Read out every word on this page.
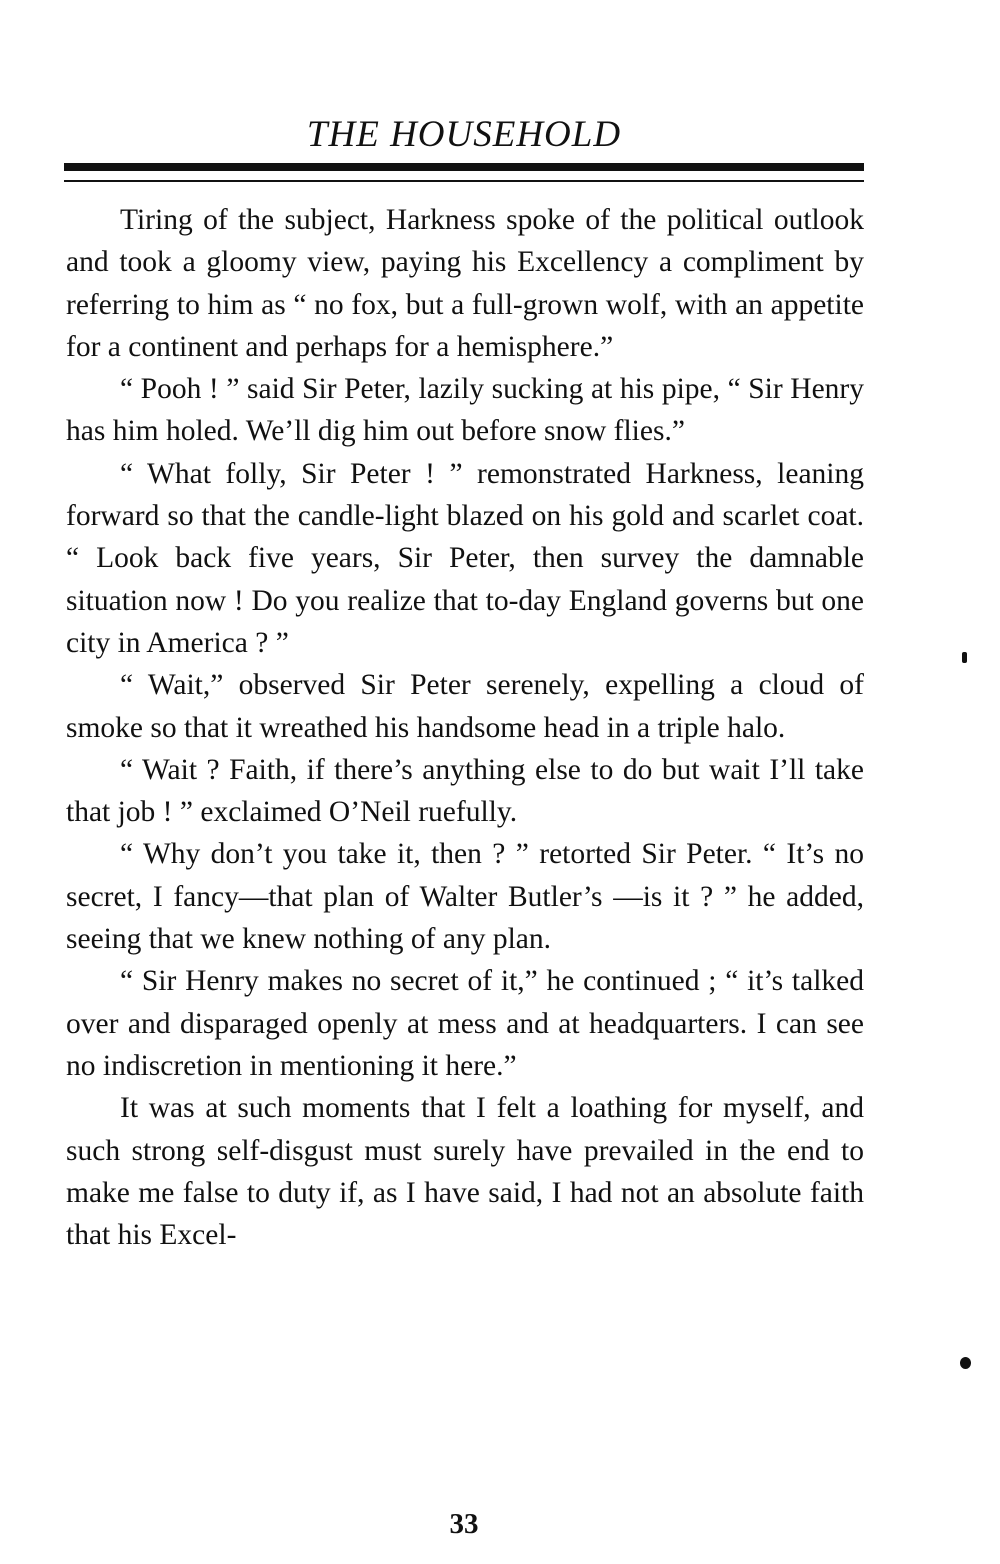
THE HOUSEHOLD

Tiring of the subject, Harkness spoke of the political outlook and took a gloomy view, paying his Excellency a compliment by referring to him as “ no fox, but a full-grown wolf, with an appetite for a continent and perhaps for a hemisphere.”

“ Pooh ! ” said Sir Peter, lazily sucking at his pipe, “ Sir Henry has him holed. We’ll dig him out before snow flies.”

“ What folly, Sir Peter ! ” remonstrated Harkness, leaning forward so that the candle-light blazed on his gold and scarlet coat. “ Look back five years, Sir Peter, then survey the damnable situation now ! Do you realize that to-day England governs but one city in America ? ”

“ Wait,” observed Sir Peter serenely, expelling a cloud of smoke so that it wreathed his handsome head in a triple halo.

“ Wait ? Faith, if there’s anything else to do but wait I’ll take that job ! ” exclaimed O’Neil ruefully.

“ Why don’t you take it, then ? ” retorted Sir Peter. “ It’s no secret, I fancy—that plan of Walter Butler’s —is it ? ” he added, seeing that we knew nothing of any plan.

“ Sir Henry makes no secret of it,” he continued ; “ it’s talked over and disparaged openly at mess and at headquarters. I can see no indiscretion in mentioning it here.”

It was at such moments that I felt a loathing for myself, and such strong self-disgust must surely have prevailed in the end to make me false to duty if, as I have said, I had not an absolute faith that his Excel-

33
